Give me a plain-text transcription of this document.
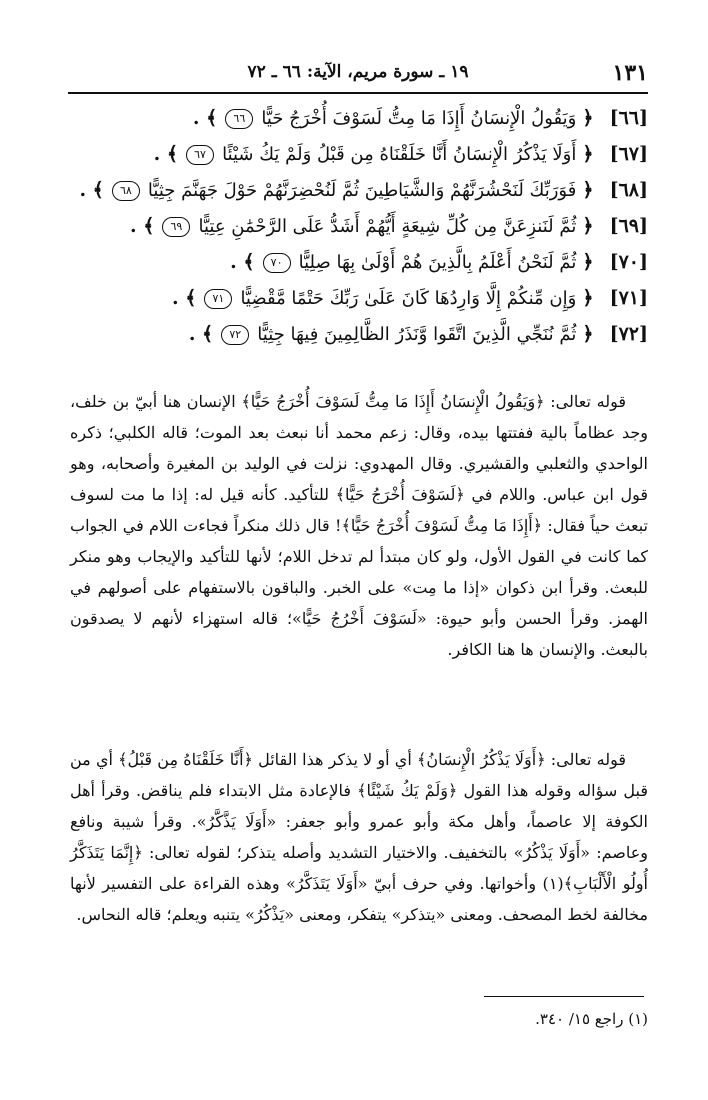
١٣١
١٩ ـ سورة مريم، الآية: ٦٦ ـ ٧٢
[٦٦] ﴿ وَيَقُولُ الْإِنسَانُ أَإِذَا مَا مِتُّ لَسَوْفَ أُخْرَجُ حَيًّا ٦٦ ﴾ .
[٦٧] ﴿ أَوَلَا يَذْكُرُ الْإِنسَانُ أَنَّا خَلَقْنَاهُ مِن قَبْلُ وَلَمْ يَكُ شَيْئًا ٦٧ ﴾ .
[٦٨] ﴿ فَوَرَبِّكَ لَنَحْشُرَنَّهُمْ وَالشَّيَاطِينَ ثُمَّ لَنُحْضِرَنَّهُمْ حَوْلَ جَهَنَّمَ جِثِيًّا ٦٨ ﴾ .
[٦٩] ﴿ ثُمَّ لَنَنزِعَنَّ مِن كُلِّ شِيعَةٍ أَيُّهُمْ أَشَدُّ عَلَى الرَّحْمَٰنِ عِتِيًّا ٦٩ ﴾ .
[٧٠] ﴿ ثُمَّ لَنَحْنُ أَعْلَمُ بِالَّذِينَ هُمْ أَوْلَىٰ بِهَا صِلِيًّا ٧٠ ﴾ .
[٧١] ﴿ وَإِن مِّنكُمْ إِلَّا وَارِدُهَا كَانَ عَلَىٰ رَبِّكَ حَتْمًا مَّقْضِيًّا ٧١ ﴾ .
[٧٢] ﴿ ثُمَّ نُنَجِّي الَّذِينَ اتَّقَوا وَّنَذَرُ الظَّالِمِينَ فِيهَا جِثِيًّا ٧٢ ﴾ .

قوله تعالى: ﴿وَيَقُولُ الْإِنسَانُ أَإِذَا مَا مِتُّ لَسَوْفَ أُخْرَجُ حَيًّا﴾ الإنسان هنا أبيّ بن خلف، وجد عظاماً بالية ففتتها بيده، وقال: زعم محمد أنا نبعث بعد الموت؛ قاله الكلبي؛ ذكره الواحدي والثعلبي والقشيري. وقال المهدوي: نزلت في الوليد بن المغيرة وأصحابه، وهو قول ابن عباس. واللام في ﴿لَسَوْفَ أُخْرَجُ حَيًّا﴾ للتأكيد. كأنه قيل له: إذا ما مت لسوف تبعث حياً فقال: ﴿أَإِذَا مَا مِتُّ لَسَوْفَ أُخْرَجُ حَيًّا﴾! قال ذلك منكراً فجاءت اللام في الجواب كما كانت في القول الأول، ولو كان مبتدأ لم تدخل اللام؛ لأنها للتأكيد والإيجاب وهو منكر للبعث. وقرأ ابن ذكوان «إذا ما مِت» على الخبر. والباقون بالاستفهام على أصولهم في الهمز. وقرأ الحسن وأبو حيوة: «لَسَوْفَ أَخْرُجُ حَيًّا»؛ قاله استهزاء لأنهم لا يصدقون بالبعث. والإنسان ها هنا الكافر.

قوله تعالى: ﴿أَوَلَا يَذْكُرُ الْإِنسَانُ﴾ أي أو لا يذكر هذا القائل ﴿أَنَّا خَلَقْنَاهُ مِن قَبْلُ﴾ أي من قبل سؤاله وقوله هذا القول ﴿وَلَمْ يَكُ شَيْئًا﴾ فالإعادة مثل الابتداء فلم يناقض. وقرأ أهل الكوفة إلا عاصماً، وأهل مكة وأبو عمرو وأبو جعفر: «أَوَلَا يَذَّكَّرُ». وقرأ شيبة ونافع وعاصم: «أَوَلَا يَذْكُرُ» بالتخفيف. والاختيار التشديد وأصله يتذكر؛ لقوله تعالى: ﴿إِنَّمَا يَتَذَكَّرُ أُولُو الْأَلْبَابِ﴾(١) وأخواتها. وفي حرف أبيّ «أَوَلَا يَتَذَكَّرُ» وهذه القراءة على التفسير لأنها مخالفة لخط المصحف. ومعنى «يتذكر» يتفكر، ومعنى «يَذْكُرُ» يتنبه ويعلم؛ قاله النحاس.

(١) راجع ١٥/ ٣٤٠.
